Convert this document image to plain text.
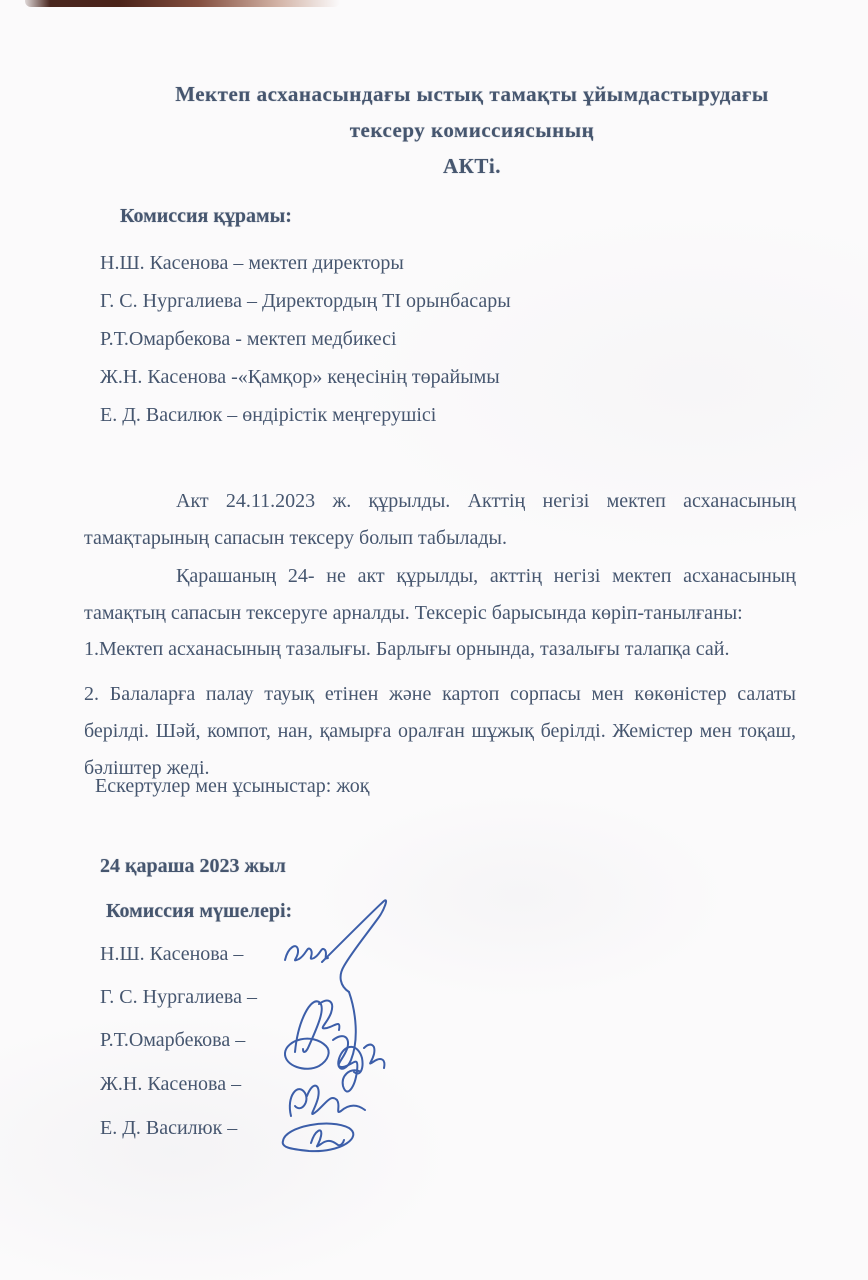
Мектеп асханасындағы ыстық тамақты ұйымдастырудағы
тексеру комиссиясының
АКТі.
Комиссия құрамы:
Н.Ш. Касенова – мектеп директоры
Г. С. Нургалиева – Директордың ТІ орынбасары
Р.Т.Омарбекова - мектеп медбикесі
Ж.Н. Касенова -«Қамқор» кеңесінің төрайымы
Е. Д. Василюк – өндірістік меңгерушісі
Акт 24.11.2023 ж. құрылды. Акттің негізі мектеп асханасының тамақтарының сапасын тексеру болып табылады.
Қарашаның 24- не акт құрылды, акттің негізі мектеп асханасының тамақтың сапасын тексеруге арналды. Тексеріс барысында көріп-танылғаны:
1.Мектеп асханасының тазалығы. Барлығы орнында, тазалығы талапқа сай.
2. Балаларға палау тауық етінен және картоп сорпасы мен көкөністер салаты берілді. Шәй, компот, нан, қамырға оралған шұжық берілді. Жемістер мен тоқаш, бәліштер жеді.
Ескертулер мен ұсыныстар: жоқ
24 қараша 2023 жыл
Комиссия мүшелері:
Н.Ш. Касенова –
Г. С. Нургалиева –
Р.Т.Омарбекова –
Ж.Н. Касенова –
Е. Д. Василюк –
